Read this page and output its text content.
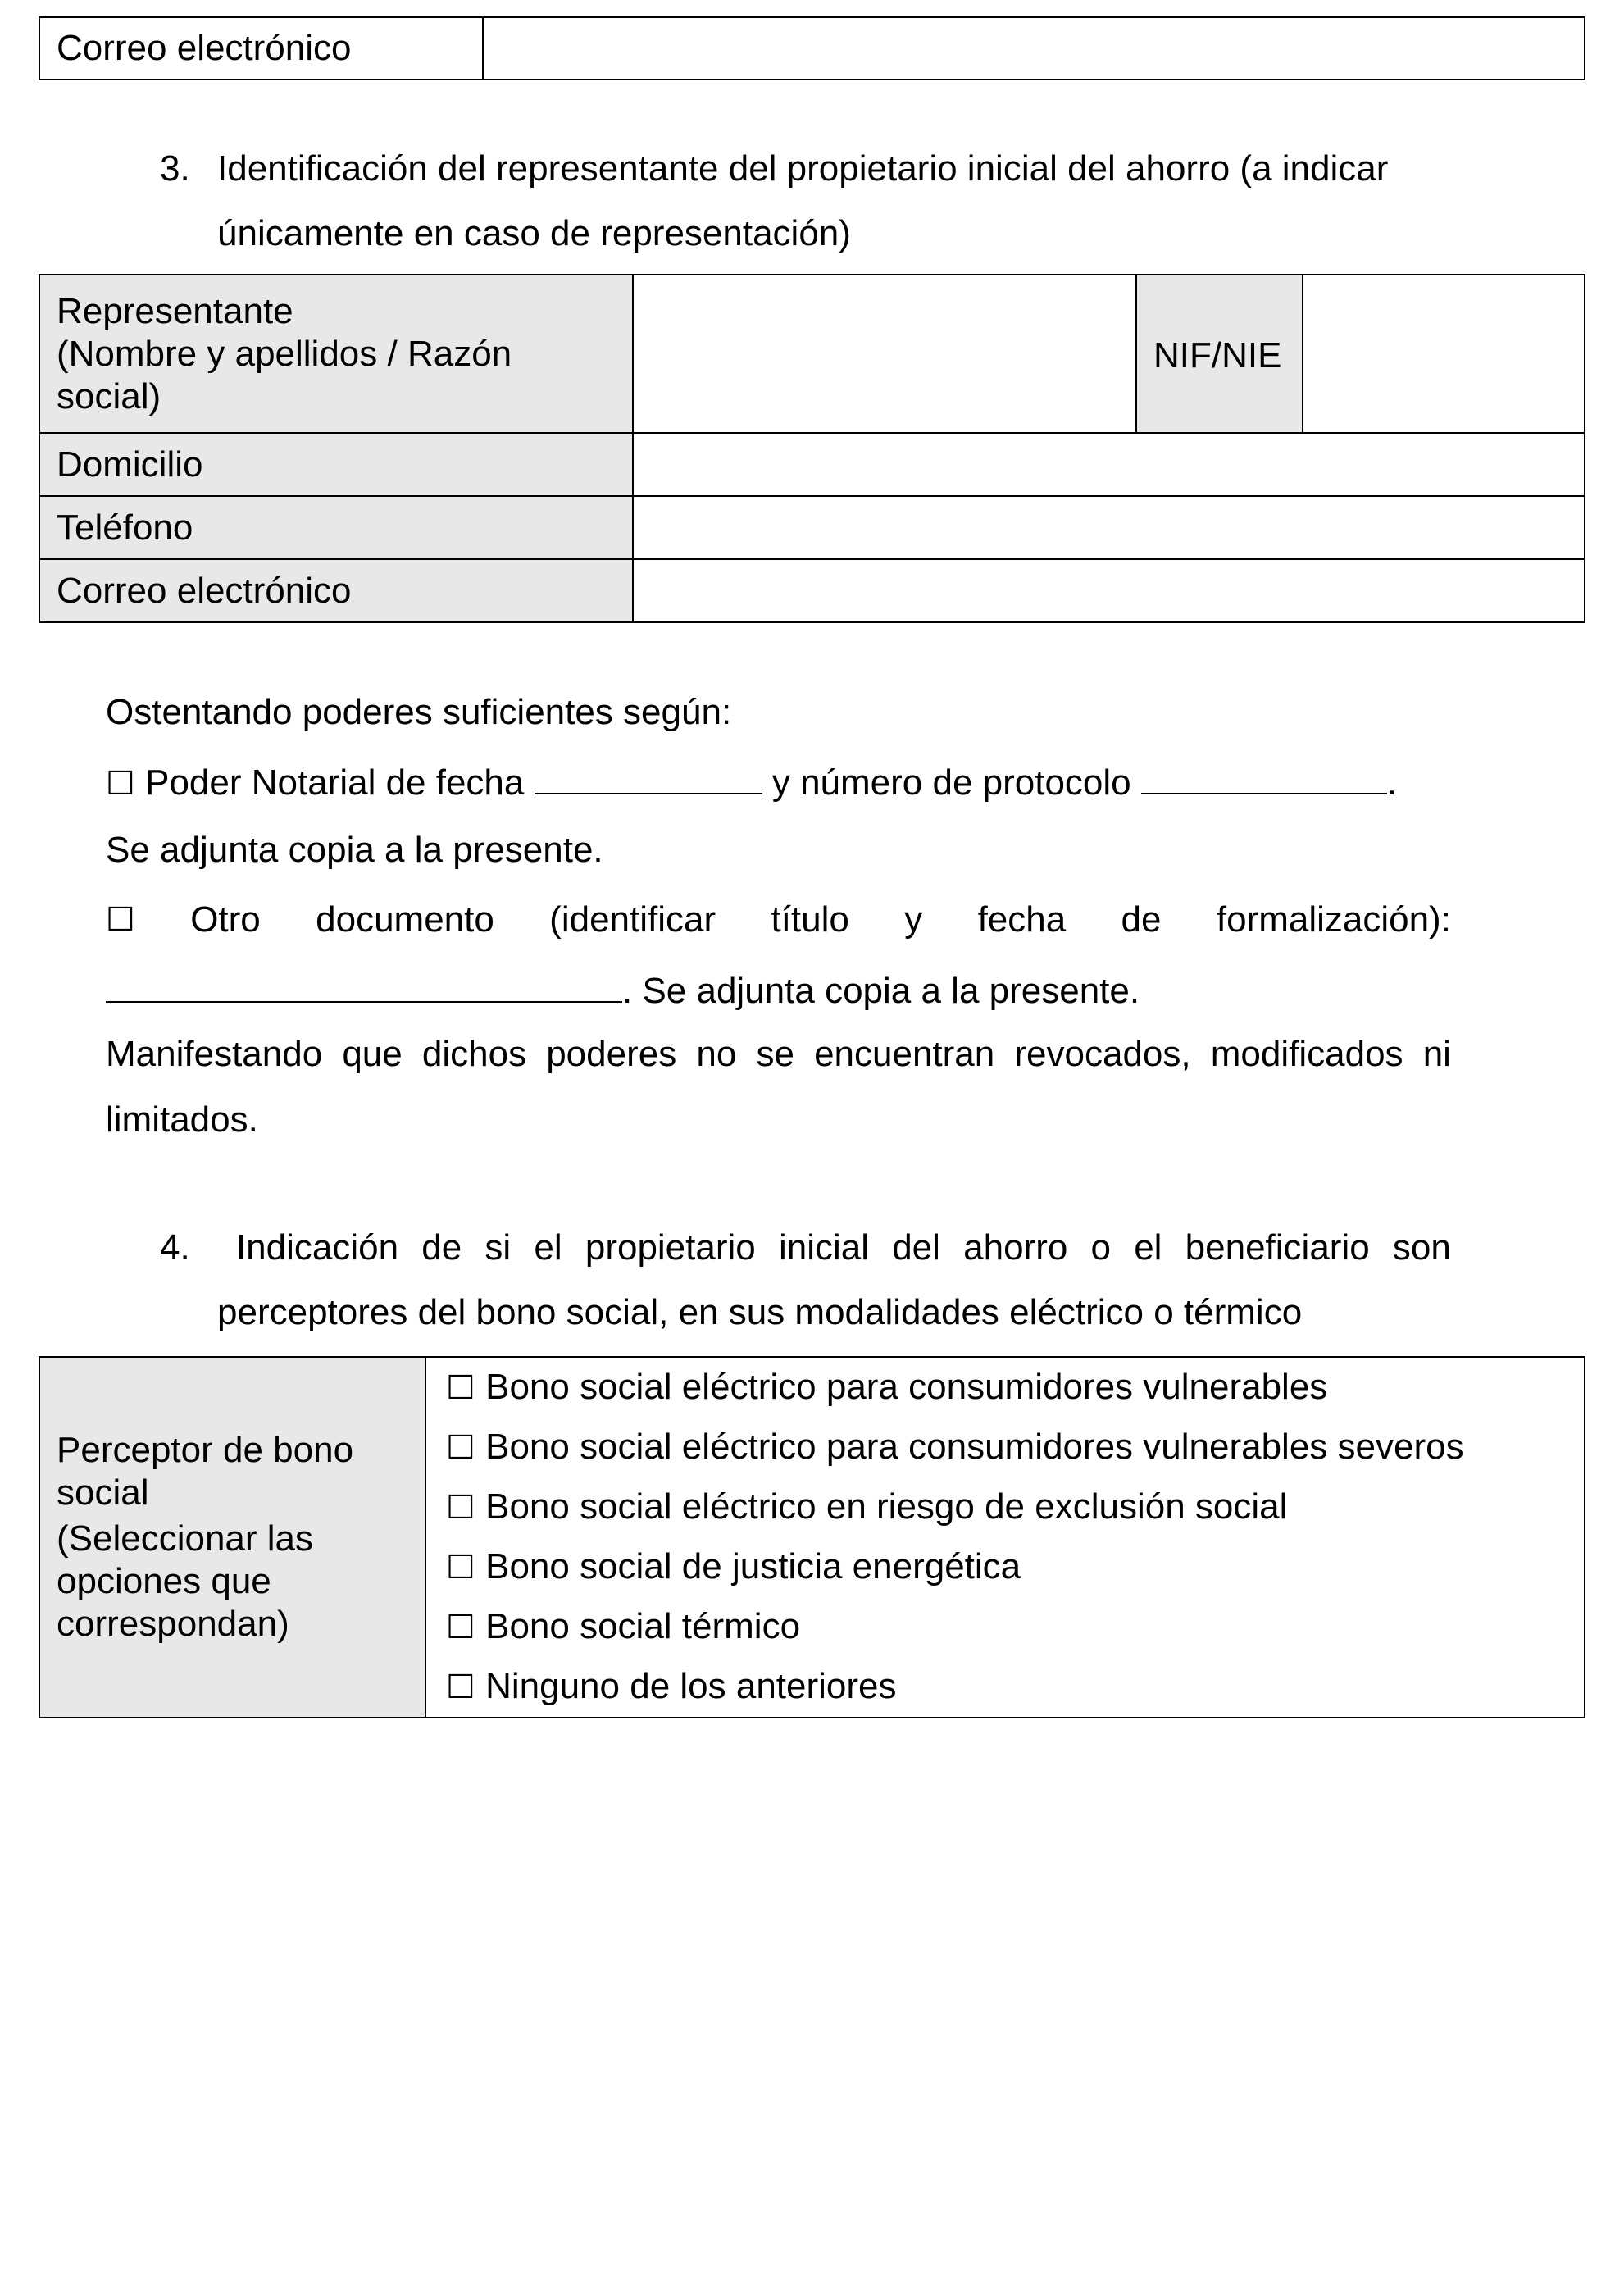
Correo electrónico	
3. Identificación del representante del propietario inicial del ahorro (a indicar
únicamente en caso de representación)
Representante
(Nombre y apellidos / Razón
social)		NIF/NIE	
Domicilio			
Teléfono			
Correo electrónico			
Ostentando poderes suficientes según:
☐ Poder Notarial de fecha	y número de protocolo	.
Se adjunta copia a la presente.
☐ Otro documento (identificar título y fecha de formalización):
. Se adjunta copia a la presente.
Manifestando que dichos poderes no se encuentran revocados, modificados ni
limitados.
4. Indicación de si el propietario inicial del ahorro o el beneficiario son
perceptores del bono social, en sus modalidades eléctrico o térmico
Perceptor de bono
social
(Seleccionar las
opciones que
correspondan)

☐ Bono social eléctrico para consumidores vulnerables
☐ Bono social eléctrico para consumidores vulnerables severos
☐ Bono social eléctrico en riesgo de exclusión social
☐ Bono social de justicia energética
☐ Bono social térmico
☐ Ninguno de los anteriores
